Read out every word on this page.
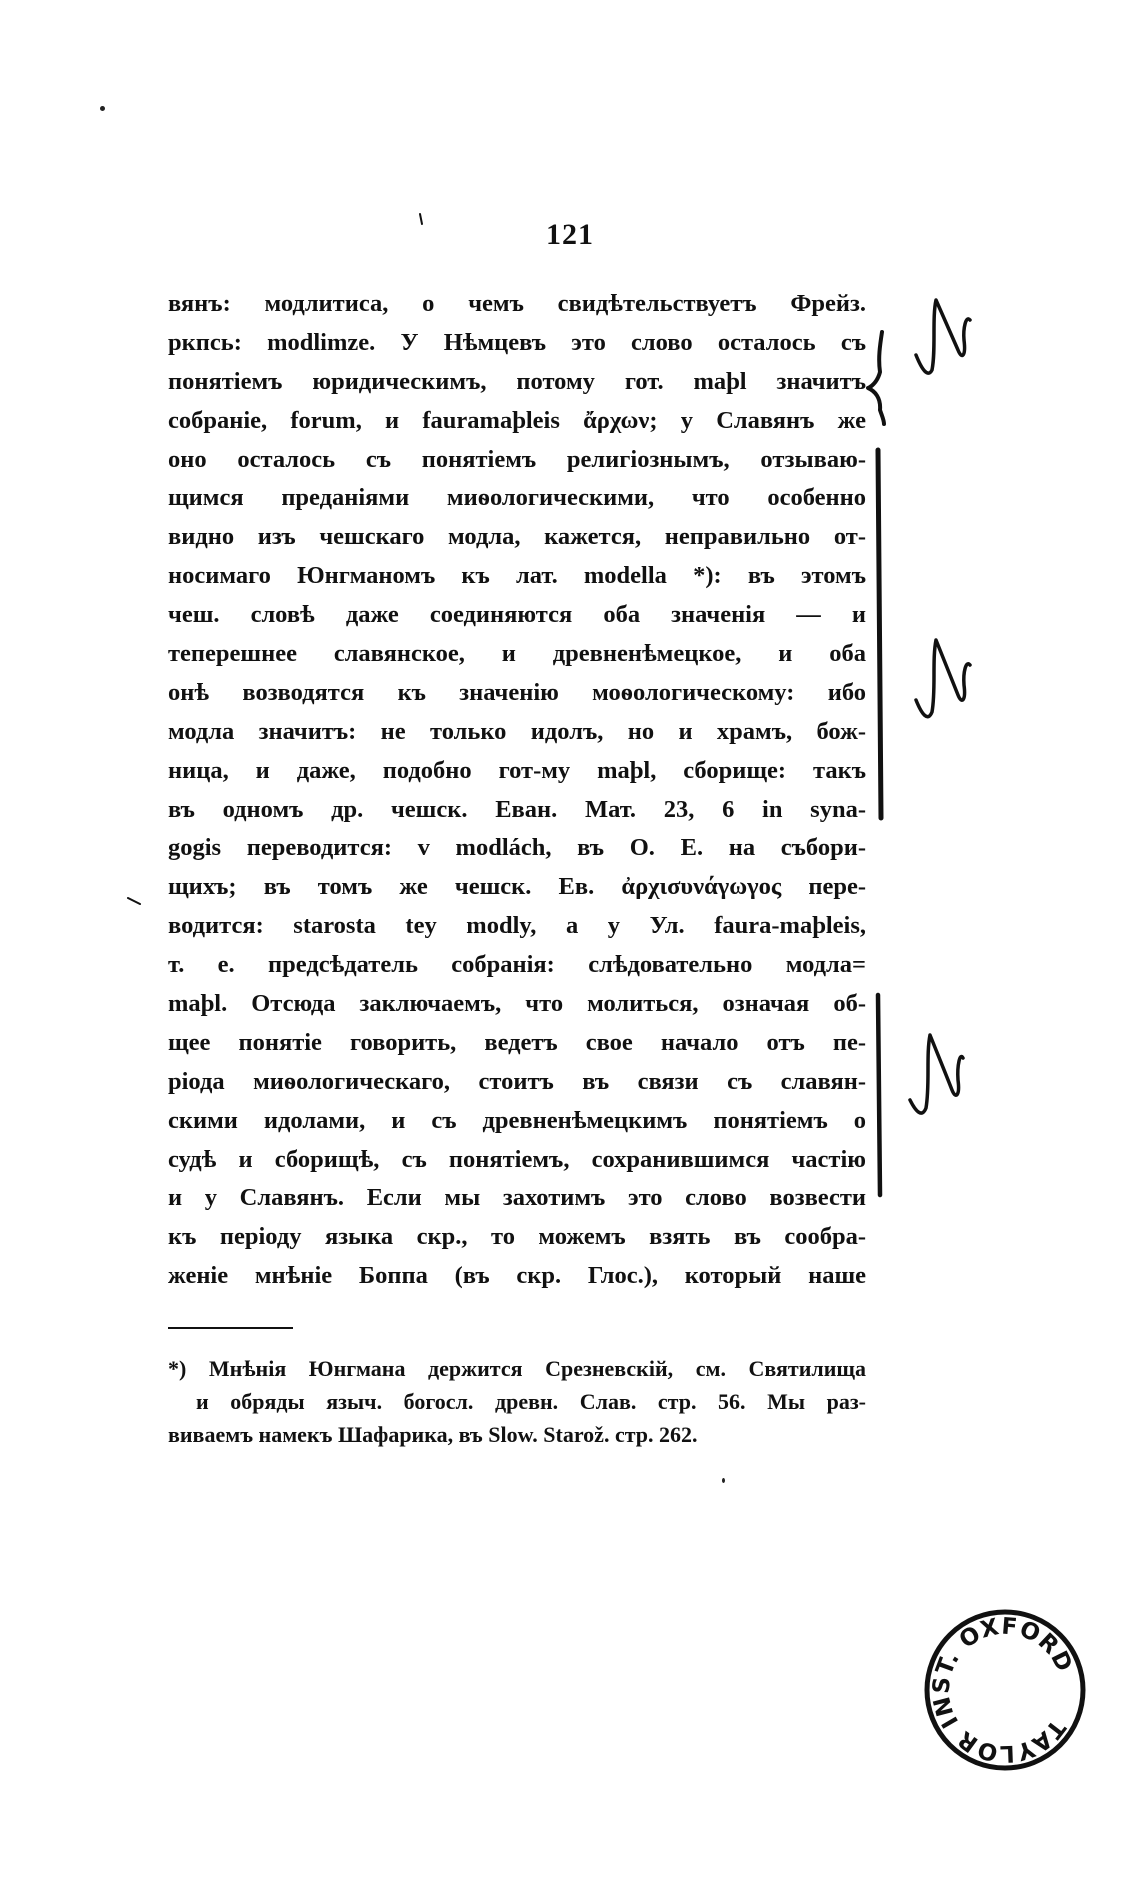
121
вянъ: модлитиса, о чемъ свидѣтельствуетъ Фрейз.
ркпсь: modlimze. У Нѣмцевъ это слово осталось съ
понятіемъ юридическимъ, потому гот. maþl значитъ
собраніе, forum, и fauramaþleis ἄρχων; у Славянъ же
оно осталось съ понятіемъ религіознымъ, отзываю-
щимся преданіями миѳологическими, что особенно
видно изъ чешскаго модла, кажется, неправильно от-
носимаго Юнгманомъ къ лат. modella *): въ этомъ
чеш. словѣ даже соединяются оба значенія — и
теперешнее славянское, и древненѣмецкое, и оба
онѣ возводятся къ значенію моѳологическому: ибо
модла значитъ: не только идолъ, но и храмъ, бож-
ница, и даже, подобно гот-му maþl, сборище: такъ
въ одномъ др. чешск. Еван. Мат. 23, 6 in syna-
gogis переводится: v modlách, въ О. Е. на събори-
щихъ; въ томъ же чешск. Ев. ἀρχισυνάγωγος пере-
водится: starosta tey modly, а у Ул. faura-maþleis,
т. е. предсѣдатель собранія: слѣдовательно модла=
maþl. Отсюда заключаемъ, что молиться, означая об-
щее понятіе говорить, ведетъ свое начало отъ пе-
ріода миѳологическаго, стоитъ въ связи съ славян-
скими идолами, и съ древненѣмецкимъ понятіемъ о
судѣ и сборищѣ, съ понятіемъ, сохранившимся частію
и у Славянъ. Если мы захотимъ это слово возвести
къ періоду языка скр., то можемъ взять въ сообра-
женіе мнѣніе Боппа (въ скр. Глос.), который наше
*) Мнѣнія Юнгмана держится Срезневскій, см. Святилища
и обряды языч. богосл. древн. Слав. стр. 56. Мы раз-
виваемъ намекъ Шафарика, въ Slow. Starož. стр. 262.
TAYLOR INST. OXFORD
